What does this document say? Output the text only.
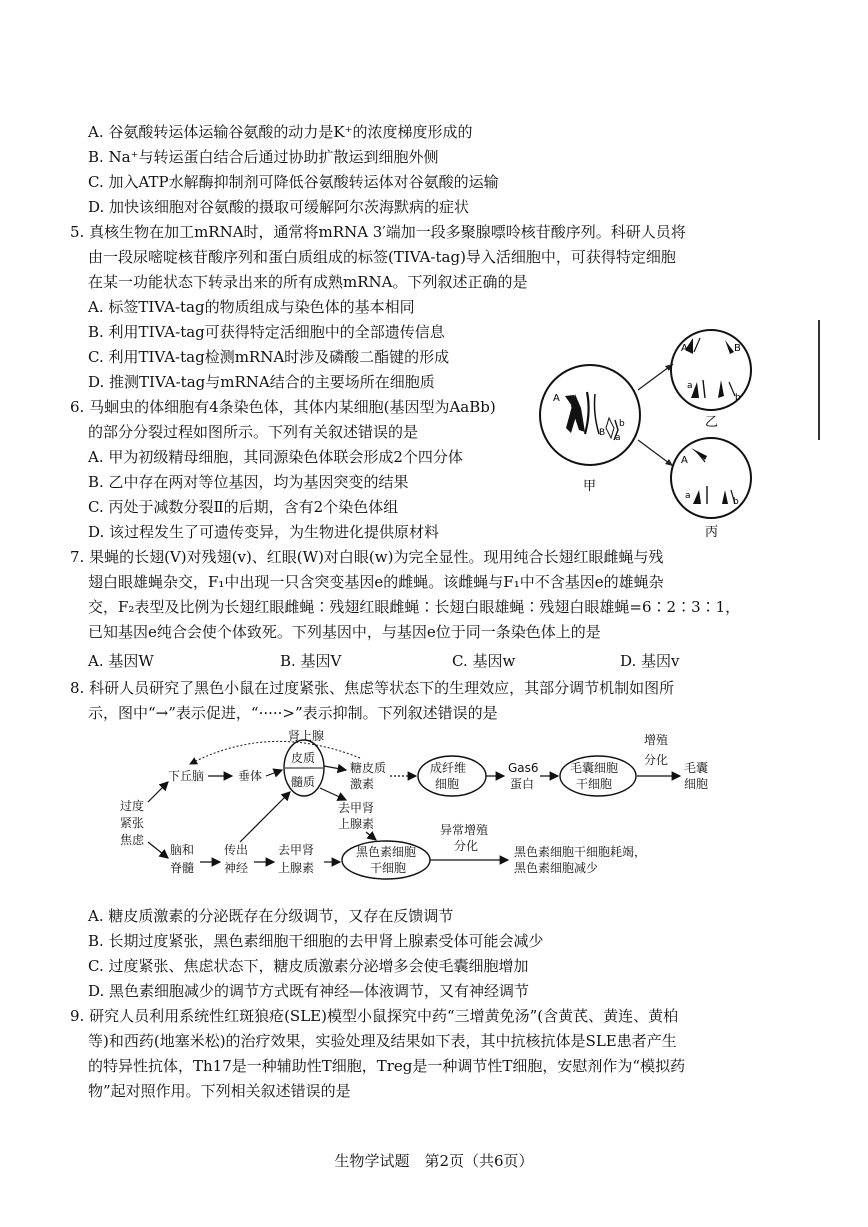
A. 谷氨酸转运体运输谷氨酸的动力是K⁺的浓度梯度形成的
B. Na⁺与转运蛋白结合后通过协助扩散运到细胞外侧
C. 加入ATP水解酶抑制剂可降低谷氨酸转运体对谷氨酸的运输
D. 加快该细胞对谷氨酸的摄取可缓解阿尔茨海默病的症状
5. 真核生物在加工mRNA时，通常将mRNA 3′端加一段多聚腺嘌呤核苷酸序列。科研人员将
由一段尿嘧啶核苷酸序列和蛋白质组成的标签(TIVA-tag)导入活细胞中，可获得特定细胞
在某一功能状态下转录出来的所有成熟mRNA。下列叙述正确的是
A. 标签TIVA-tag的物质组成与染色体的基本相同
B. 利用TIVA-tag可获得特定活细胞中的全部遗传信息
C. 利用TIVA-tag检测mRNA时涉及磷酸二酯键的形成
D. 推测TIVA-tag与mRNA结合的主要场所在细胞质
6. 马蛔虫的体细胞有4条染色体，其体内某细胞(基因型为AaBb)
的部分分裂过程如图所示。下列有关叙述错误的是
A. 甲为初级精母细胞，其同源染色体联会形成2个四分体
B. 乙中存在两对等位基因，均为基因突变的结果
C. 丙处于减数分裂Ⅱ的后期，含有2个染色体组
D. 该过程发生了可遗传变异，为生物进化提供原材料
A
B
b
a
甲
A	B
a
b
乙
A
a
b
丙
7. 果蝇的长翅(V)对残翅(v)、红眼(W)对白眼(w)为完全显性。现用纯合长翅红眼雌蝇与残
翅白眼雄蝇杂交，F₁中出现一只含突变基因e的雌蝇。该雌蝇与F₁中不含基因e的雄蝇杂
交，F₂表型及比例为长翅红眼雌蝇∶残翅红眼雌蝇∶长翅白眼雄蝇∶残翅白眼雄蝇=6∶2∶3∶1，
已知基因e纯合会使个体致死。下列基因中，与基因e位于同一条染色体上的是
A. 基因W	B. 基因V	C. 基因w	D. 基因v
8. 科研人员研究了黑色小鼠在过度紧张、焦虑等状态下的生理效应，其部分调节机制如图所
示，图中“→”表示促进，“·····>”表示抑制。下列叙述错误的是
过度
紧张
焦虑
下丘脑	垂体
肾上腺
皮质
髓质
糖皮质
激素
成纤维
细胞
Gas6
蛋白
毛囊细胞
干细胞
增殖
分化
毛囊
细胞
去甲肾
上腺素
脑和
脊髓
传出
神经
去甲肾
上腺素
黑色素细胞
干细胞
异常增殖
分化	黑色素细胞干细胞耗竭，
黑色素细胞减少
A. 糖皮质激素的分泌既存在分级调节，又存在反馈调节
B. 长期过度紧张，黑色素细胞干细胞的去甲肾上腺素受体可能会减少
C. 过度紧张、焦虑状态下，糖皮质激素分泌增多会使毛囊细胞增加
D. 黑色素细胞减少的调节方式既有神经—体液调节，又有神经调节
9. 研究人员利用系统性红斑狼疮(SLE)模型小鼠探究中药“三增黄免汤”(含黄芪、黄连、黄柏
等)和西药(地塞米松)的治疗效果，实验处理及结果如下表，其中抗核抗体是SLE患者产生
的特异性抗体，Th17是一种辅助性T细胞，Treg是一种调节性T细胞，安慰剂作为“模拟药
物”起对照作用。下列相关叙述错误的是
生物学试题　第2页（共6页）
